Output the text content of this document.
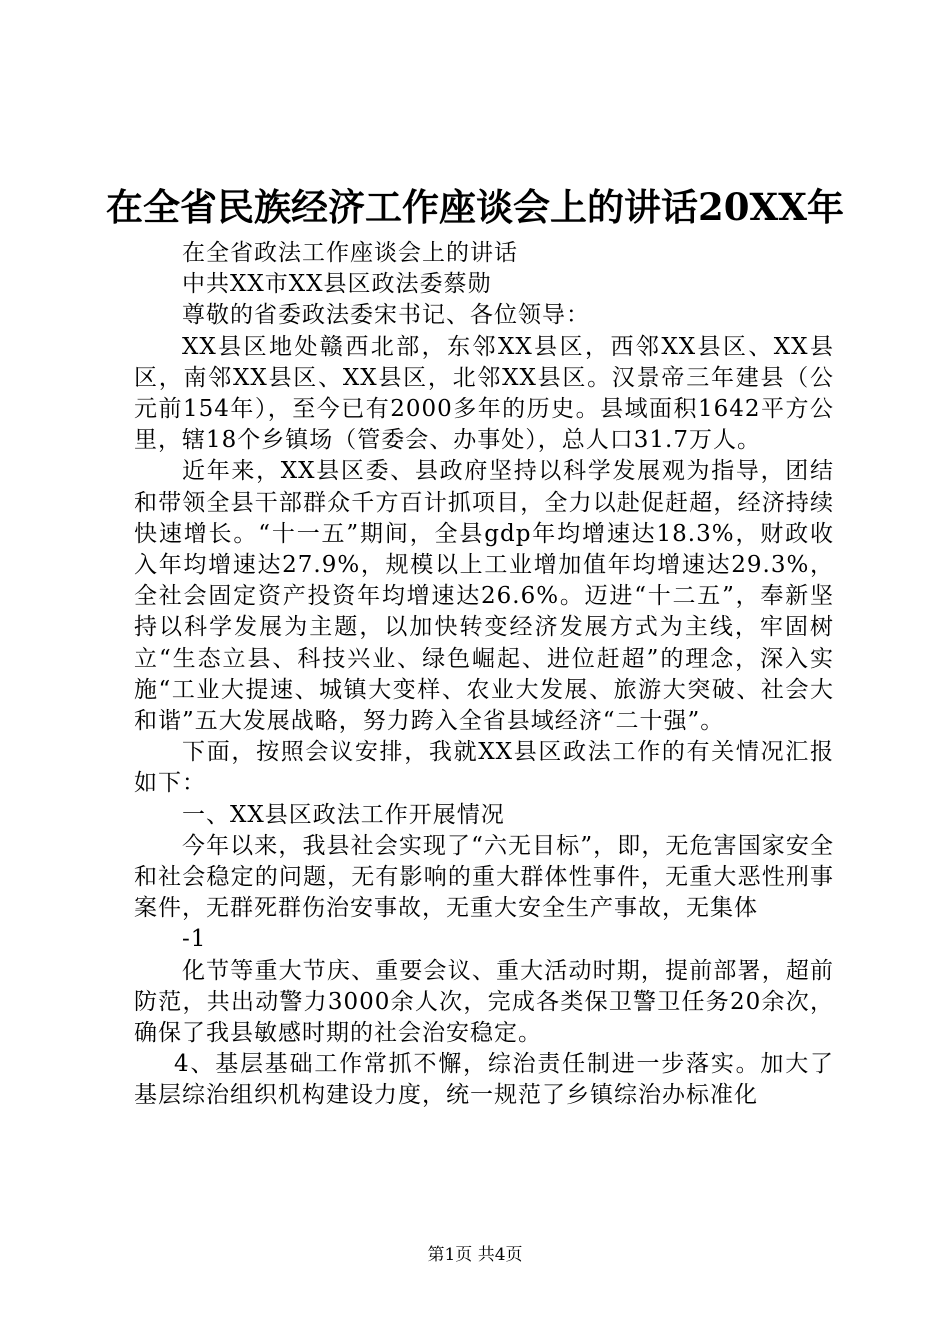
在全省民族经济工作座谈会上的讲话20XX年

在全省政法工作座谈会上的讲话

中共XX市XX县区政法委蔡勋

尊敬的省委政法委宋书记、各位领导：

XX县区地处赣西北部，东邻XX县区，西邻XX县区、XX县区，南邻XX县区、XX县区，北邻XX县区。汉景帝三年建县（公元前154年），至今已有2000多年的历史。县域面积1642平方公里，辖18个乡镇场（管委会、办事处），总人口31.7万人。

近年来，XX县区委、县政府坚持以科学发展观为指导，团结和带领全县干部群众千方百计抓项目，全力以赴促赶超，经济持续快速增长。“十一五”期间，全县gdp年均增速达18.3%，财政收入年均增速达27.9%，规模以上工业增加值年均增速达29.3%，全社会固定资产投资年均增速达26.6%。迈进“十二五”，奉新坚持以科学发展为主题，以加快转变经济发展方式为主线，牢固树立“生态立县、科技兴业、绿色崛起、进位赶超”的理念，深入实施“工业大提速、城镇大变样、农业大发展、旅游大突破、社会大和谐”五大发展战略，努力跨入全省县域经济“二十强”。

下面，按照会议安排，我就XX县区政法工作的有关情况汇报如下：

一、XX县区政法工作开展情况

今年以来，我县社会实现了“六无目标”，即，无危害国家安全和社会稳定的问题，无有影响的重大群体性事件，无重大恶性刑事案件，无群死群伤治安事故，无重大安全生产事故，无集体

-1

化节等重大节庆、重要会议、重大活动时期，提前部署，超前防范，共出动警力3000余人次，完成各类保卫警卫任务20余次，确保了我县敏感时期的社会治安稳定。

4、基层基础工作常抓不懈，综治责任制进一步落实。加大了基层综治组织机构建设力度，统一规范了乡镇综治办标准化

第1页 共4页
